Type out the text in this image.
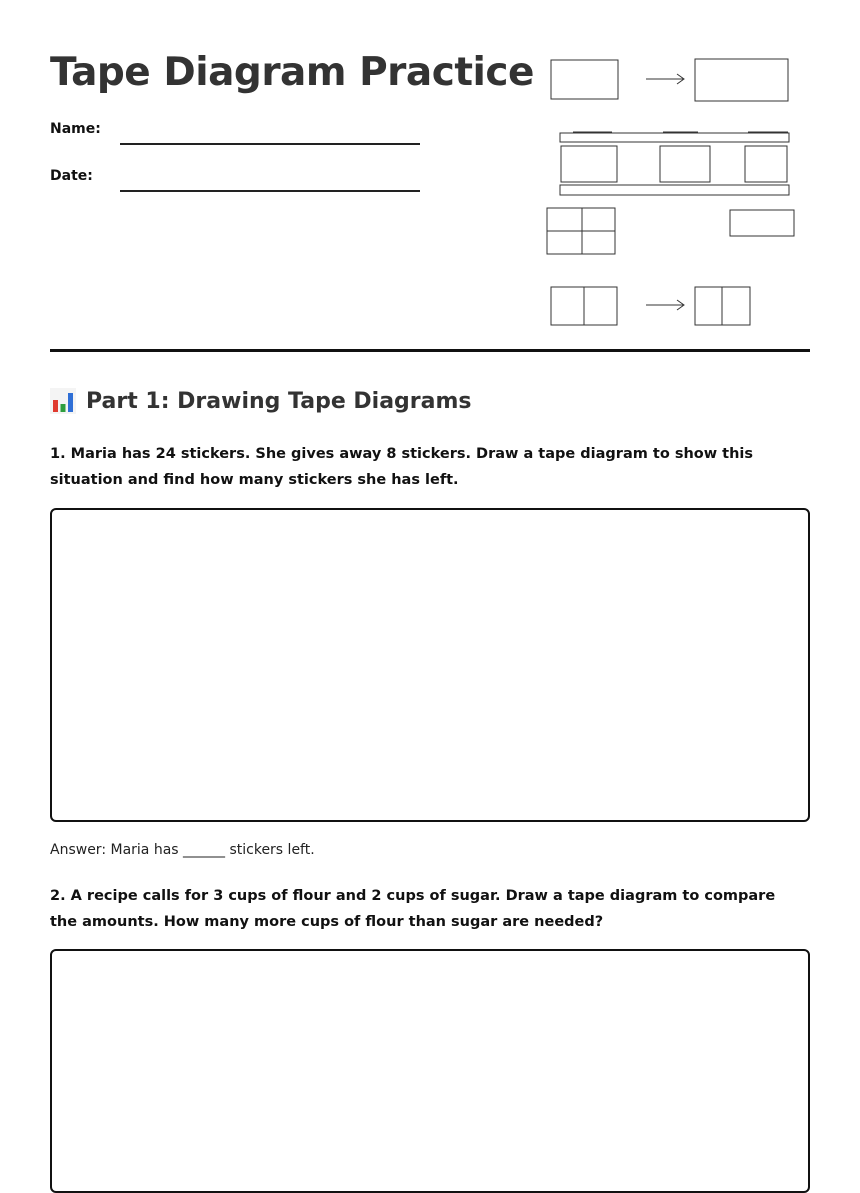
Tape Diagram Practice
Name:
Date:
Part 1: Drawing Tape Diagrams

1. Maria has 24 stickers. She gives away 8 stickers. Draw a tape diagram to show this situation and find how many stickers she has left.

Answer: Maria has ______ stickers left.

2. A recipe calls for 3 cups of flour and 2 cups of sugar. Draw a tape diagram to compare the amounts. How many more cups of flour than sugar are needed?
